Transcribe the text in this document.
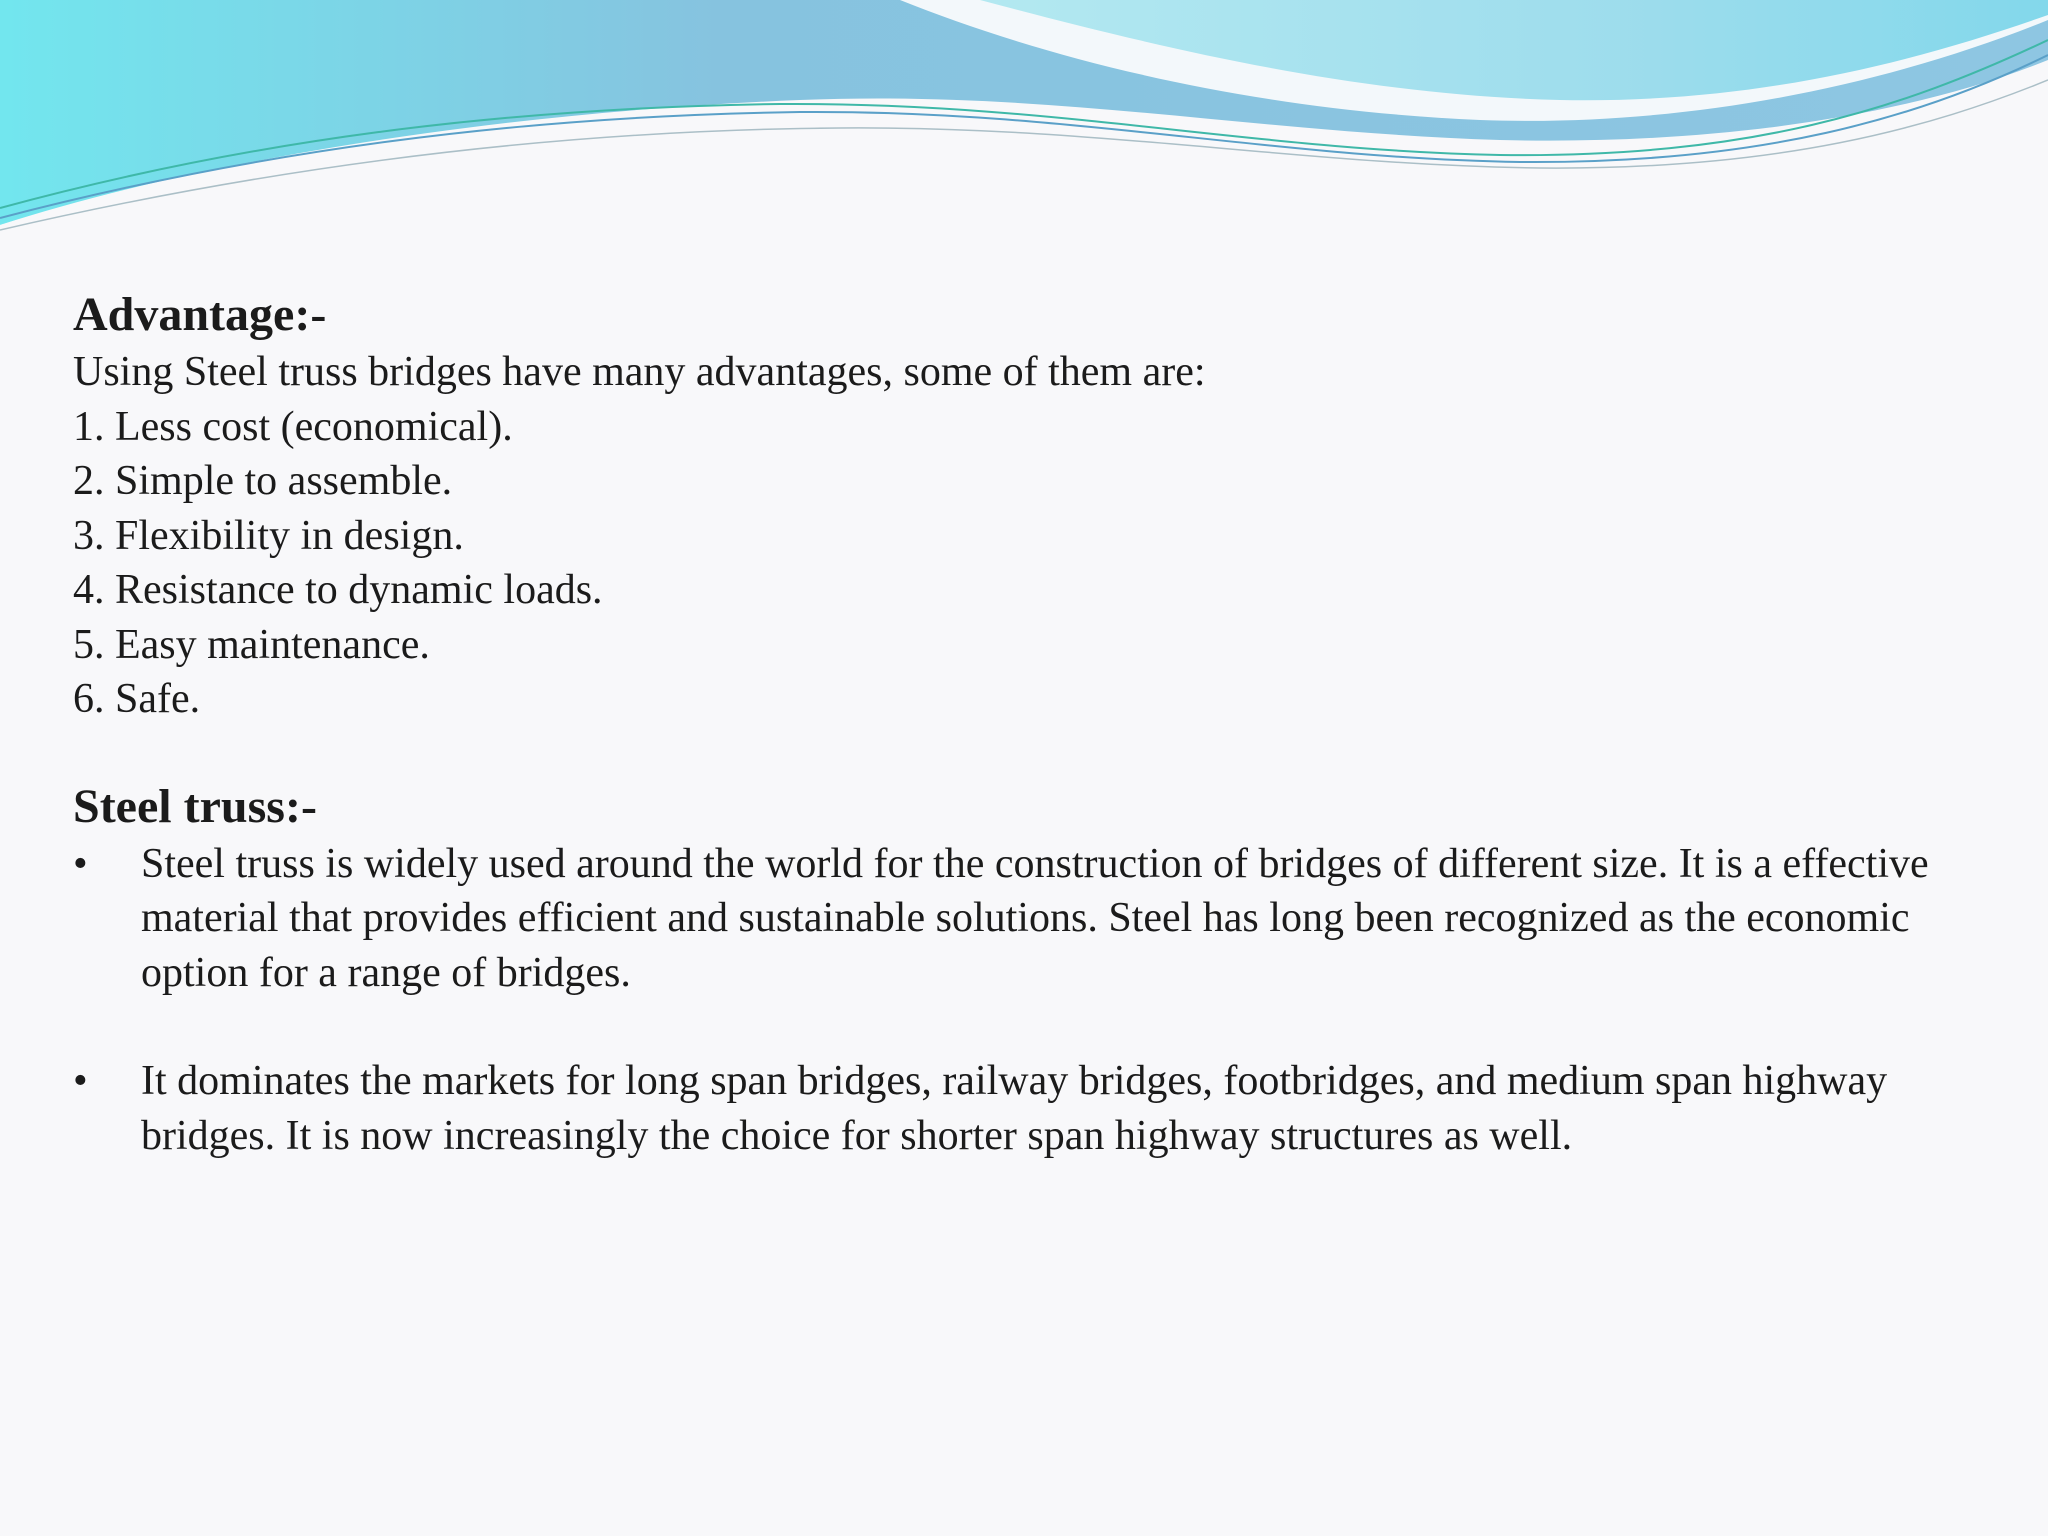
Advantage:-

Using Steel truss bridges have many advantages, some of them are:

1. Less cost (economical).

2. Simple to assemble.

3. Flexibility in design.

4. Resistance to dynamic loads.

5. Easy maintenance.

6. Safe.

Steel truss:-

• Steel truss is widely used around the world for the construction of bridges of different size. It is a effective material that provides efficient and sustainable solutions. Steel has long been recognized as the economic option for a range of bridges.

• It dominates the markets for long span bridges, railway bridges, footbridges, and medium span highway bridges. It is now increasingly the choice for shorter span highway structures as well.
